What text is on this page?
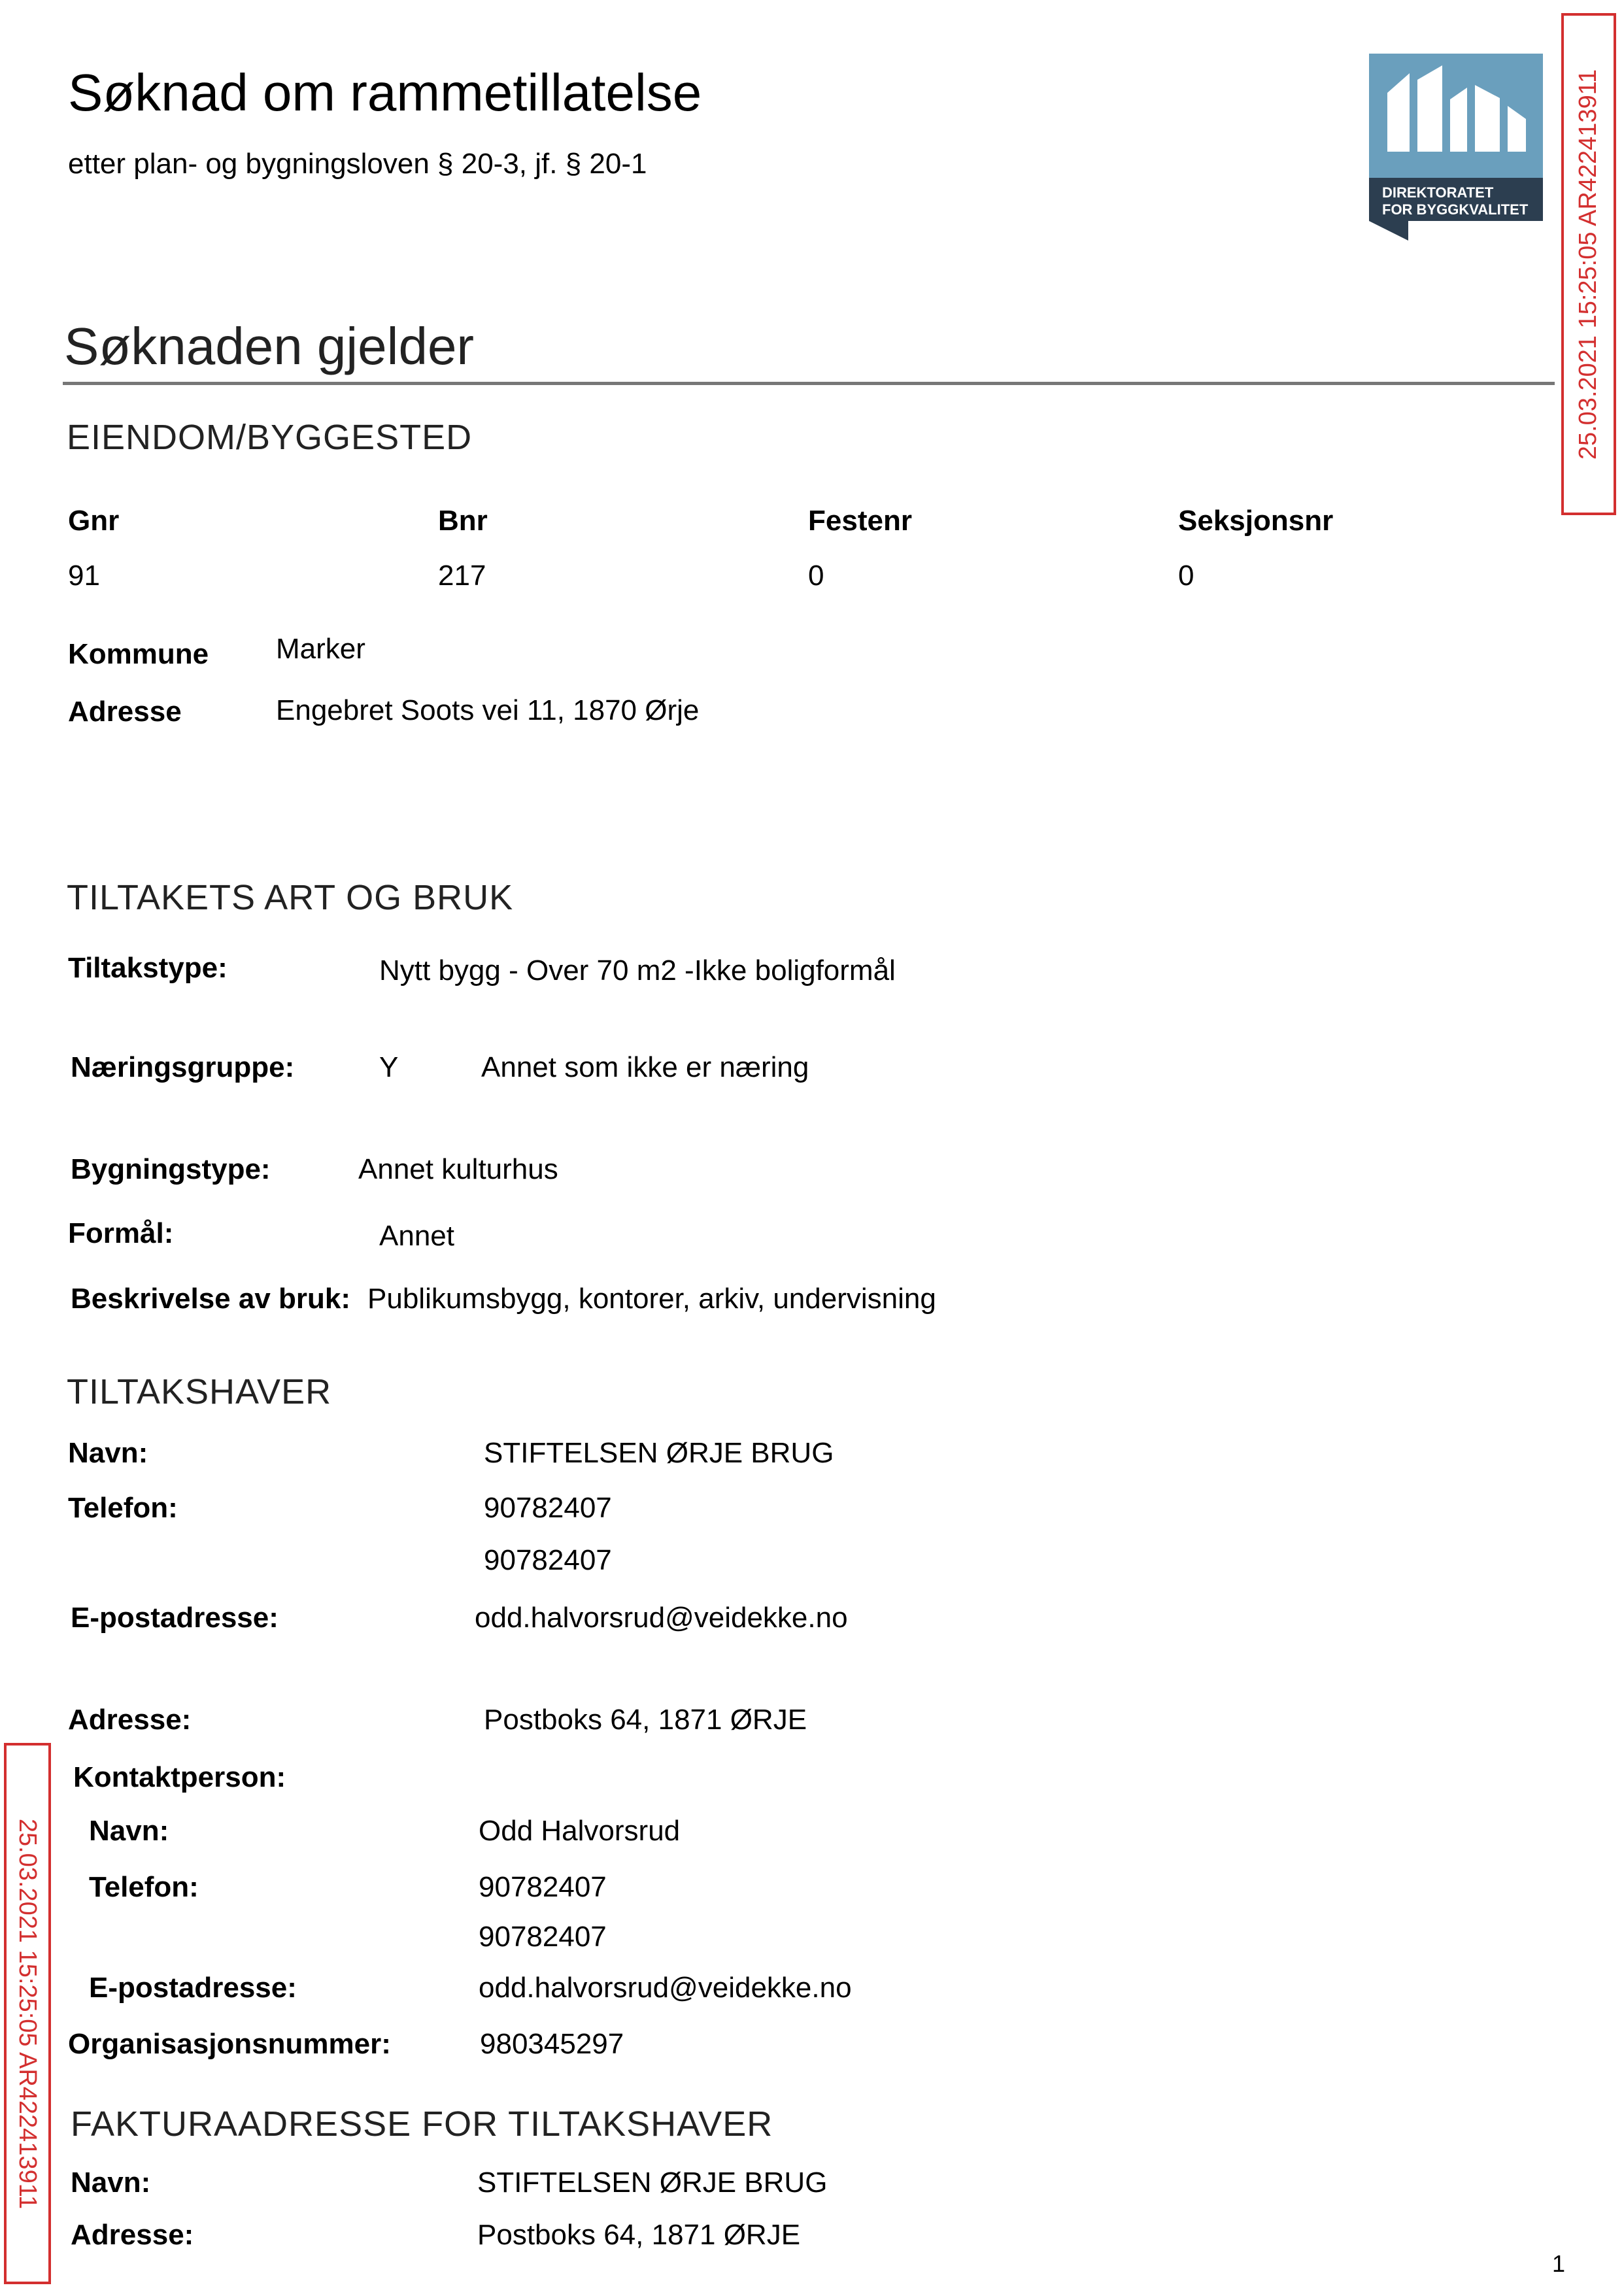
Søknad om rammetillatelse
etter plan- og bygningsloven § 20-3, jf. § 20-1
DIREKTORATET
FOR BYGGKVALITET 25.03.2021 15:25:05 AR422413911
25.03.2021 15:25:05 AR422413911
Søknaden gjelder
EIENDOM/BYGGESTED
Gnr	Bnr	Festenr	Seksjonsnr
91	217	0	0
Kommune Marker
Adresse	Engebret Soots vei 11, 1870 Ørje
TILTAKETS ART OG BRUK
Tiltakstype:	Nytt bygg - Over 70 m2 -Ikke boligformål
Næringsgruppe:	Y	Annet som ikke er næring
Bygningstype:	Annet kulturhus
Formål:	Annet
Beskrivelse av bruk: Publikumsbygg, kontorer, arkiv, undervisning
TILTAKSHAVER
Navn:	STIFTELSEN ØRJE BRUG
Telefon:	90782407
90782407
E-postadresse:	odd.halvorsrud@veidekke.no
Adresse:	Postboks 64, 1871 ØRJE
Kontaktperson:
Navn:	Odd Halvorsrud
Telefon:	90782407
90782407
E-postadresse:	odd.halvorsrud@veidekke.no
Organisasjonsnummer:	980345297
FAKTURAADRESSE FOR TILTAKSHAVER
Navn:	STIFTELSEN ØRJE BRUG
Adresse:	Postboks 64, 1871 ØRJE
1
